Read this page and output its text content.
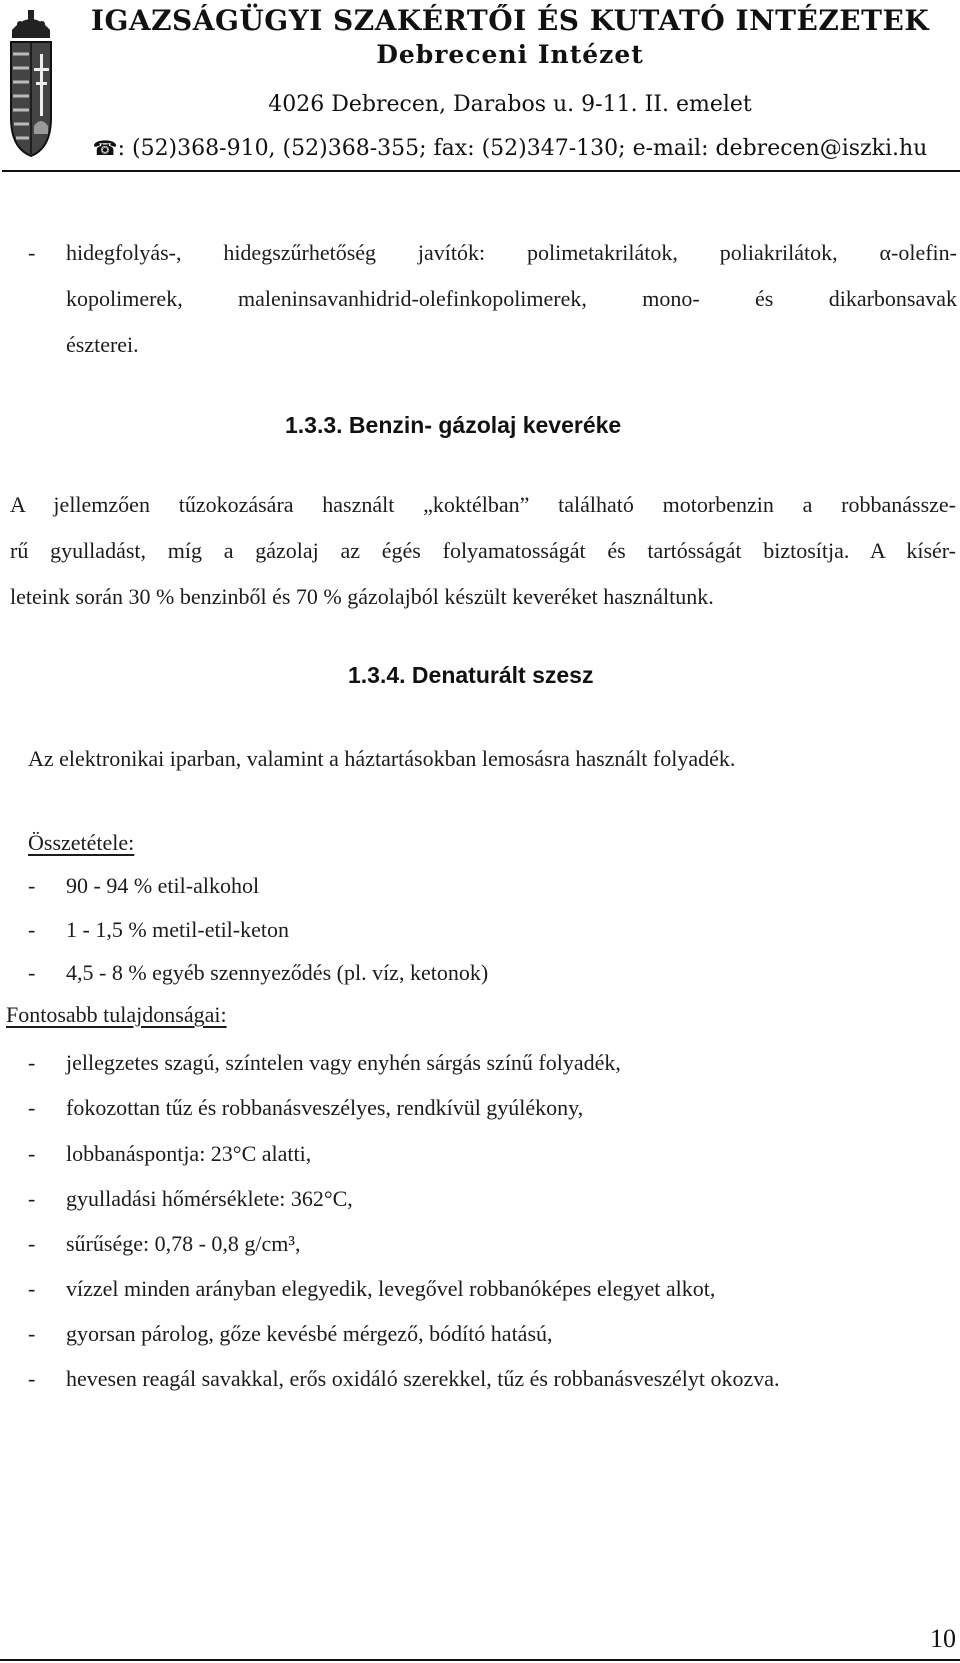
IGAZSÁGÜGYI SZAKÉRTŐI ÉS KUTATÓ INTÉZETEK
Debreceni Intézet
4026 Debrecen, Darabos u. 9-11. II. emelet
☎: (52)368-910, (52)368-355; fax: (52)347-130; e-mail: debrecen@iszki.hu
- hidegfolyás-, hidegszűrhetőség javítók: polimetakrilátok, poliakrilátok, α-olefin-
kopolimerek, maleninsavanhidrid-olefinkopolimerek, mono- és dikarbonsavak
észterei.
1.3.3. Benzin- gázolaj keveréke
A jellemzően tűzokozására használt „koktélban” található motorbenzin a robbanássze-
rű gyulladást, míg a gázolaj az égés folyamatosságát és tartósságát biztosítja. A kísér-
leteink során 30 % benzinből és 70 % gázolajból készült keveréket használtunk.
1.3.4. Denaturált szesz
Az elektronikai iparban, valamint a háztartásokban lemosásra használt folyadék.
Összetétele:
- 90 - 94 % etil-alkohol
- 1 - 1,5 % metil-etil-keton
- 4,5 - 8 % egyéb szennyeződés (pl. víz, ketonok)
Fontosabb tulajdonságai:
- jellegzetes szagú, színtelen vagy enyhén sárgás színű folyadék,
- fokozottan tűz és robbanásveszélyes, rendkívül gyúlékony,
- lobbanáspontja: 23°C alatti,
- gyulladási hőmérséklete: 362°C,
- sűrűsége: 0,78 - 0,8 g/cm³,
- vízzel minden arányban elegyedik, levegővel robbanóképes elegyet alkot,
- gyorsan párolog, gőze kevésbé mérgező, bódító hatású,
- hevesen reagál savakkal, erős oxidáló szerekkel, tűz és robbanásveszélyt okozva.
10
